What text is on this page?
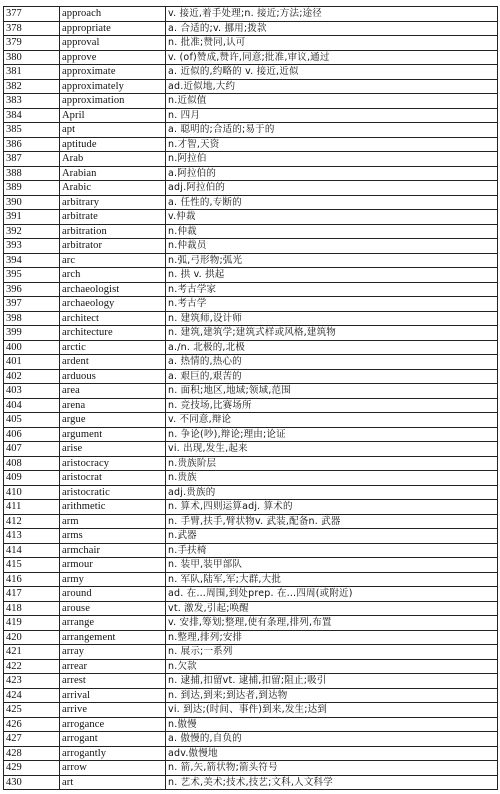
377	approach	v. 接近,着手处理;n. 接近;方法;途径
378	appropriate	a. 合适的;v. 挪用;拨款
379	approval	n. 批准;赞同,认可
380	approve	v. (of)赞成,赞许,同意;批准,审议,通过
381	approximate	a. 近似的,约略的 v. 接近,近似
382	approximately	ad.近似地,大约
383	approximation	n.近似值
384	April	n. 四月
385	apt	a. 聪明的;合适的;易于的
386	aptitude	n.才智,天资
387	Arab	n.阿拉伯
388	Arabian	a.阿拉伯的
389	Arabic	adj.阿拉伯的
390	arbitrary	a. 任性的,专断的
391	arbitrate	v.仲裁
392	arbitration	n.仲裁
393	arbitrator	n.仲裁员
394	arc	n.弧,弓形物;弧光
395	arch	n. 拱 v. 拱起
396	archaeologist	n.考古学家
397	archaeology	n.考古学
398	architect	n. 建筑师,设计师
399	architecture	n. 建筑,建筑学;建筑式样或风格,建筑物
400	arctic	a./n. 北极的,北极
401	ardent	a. 热情的,热心的
402	arduous	a. 艰巨的,艰苦的
403	area	n. 面积;地区,地域;领域,范围
404	arena	n. 竞技场,比赛场所
405	argue	v. 不同意,辩论
406	argument	n. 争论(吵),辩论;理由;论证
407	arise	vi. 出现,发生,起来
408	aristocracy	n.贵族阶层
409	aristocrat	n.贵族
410	aristocratic	adj.贵族的
411	arithmetic	n. 算术,四则运算adj. 算术的
412	arm	n. 手臂,扶手,臂状物v. 武装,配备n. 武器
413	arms	n.武器
414	armchair	n.手扶椅
415	armour	n. 装甲,装甲部队
416	army	n. 军队,陆军,军;大群,大批
417	around	ad. 在…周围,到处prep. 在…四周(或附近)
418	arouse	vt. 激发,引起;唤醒
419	arrange	v. 安排,筹划;整理,使有条理,排列,布置
420	arrangement	n.整理,排列;安排
421	array	n. 展示;一系列
422	arrear	n.欠款
423	arrest	n. 逮捕,扣留vt. 逮捕,扣留;阻止;吸引
424	arrival	n. 到达,到来;到达者,到达物
425	arrive	vi. 到达;(时间、事件)到来,发生;达到
426	arrogance	n.傲慢
427	arrogant	a. 傲慢的,自负的
428	arrogantly	adv.傲慢地
429	arrow	n. 箭,矢,箭状物;箭头符号
430	art	n. 艺术,美术;技术,技艺;文科,人文科学
